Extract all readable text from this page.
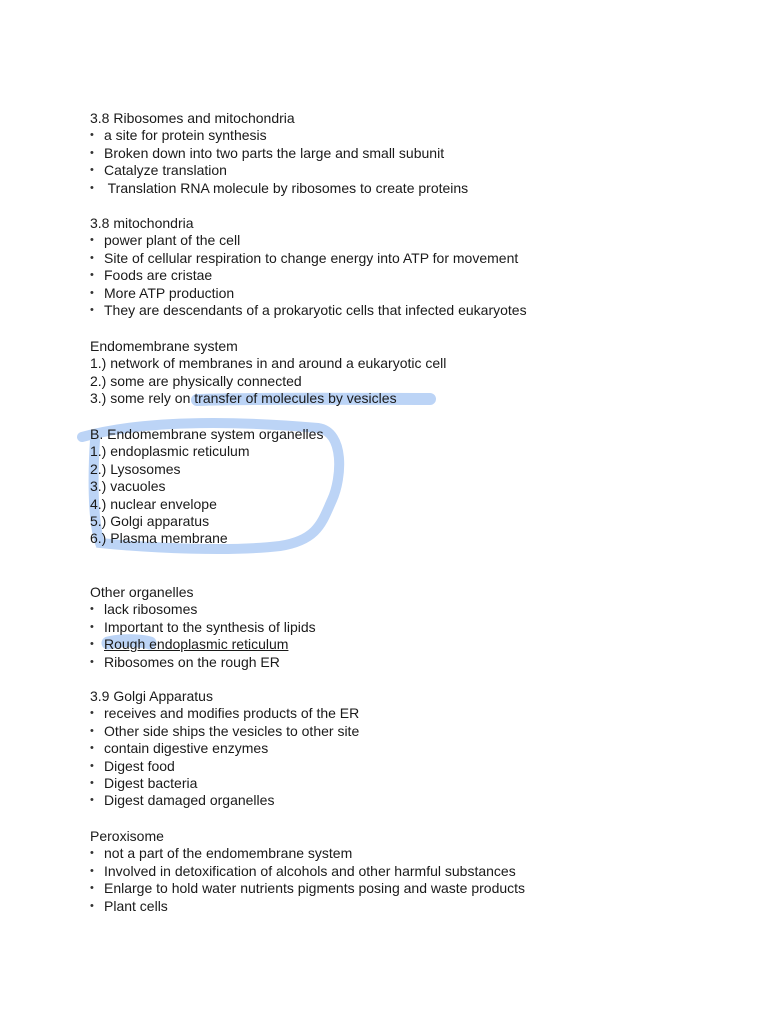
3.8 Ribosomes and mitochondria
• a site for protein synthesis
• Broken down into two parts the large and small subunit
• Catalyze translation
•  Translation RNA molecule by ribosomes to create proteins
3.8 mitochondria
• power plant of the cell
• Site of cellular respiration to change energy into ATP for movement
• Foods are cristae
• More ATP production
• They are descendants of a prokaryotic cells that infected eukaryotes
Endomembrane system
1.) network of membranes in and around a eukaryotic cell
2.) some are physically connected
3.) some rely on transfer of molecules by vesicles
B. Endomembrane system organelles
1.) endoplasmic reticulum
2.) Lysosomes
3.) vacuoles
4.) nuclear envelope
5.) Golgi apparatus
6.) Plasma membrane
Other organelles
• lack ribosomes
• Important to the synthesis of lipids
• Rough endoplasmic reticulum
• Ribosomes on the rough ER
3.9 Golgi Apparatus
• receives and modifies products of the ER
• Other side ships the vesicles to other site
• contain digestive enzymes
• Digest food
• Digest bacteria
• Digest damaged organelles
Peroxisome
• not a part of the endomembrane system
• Involved in detoxification of alcohols and other harmful substances
• Enlarge to hold water nutrients pigments posing and waste products
• Plant cells
